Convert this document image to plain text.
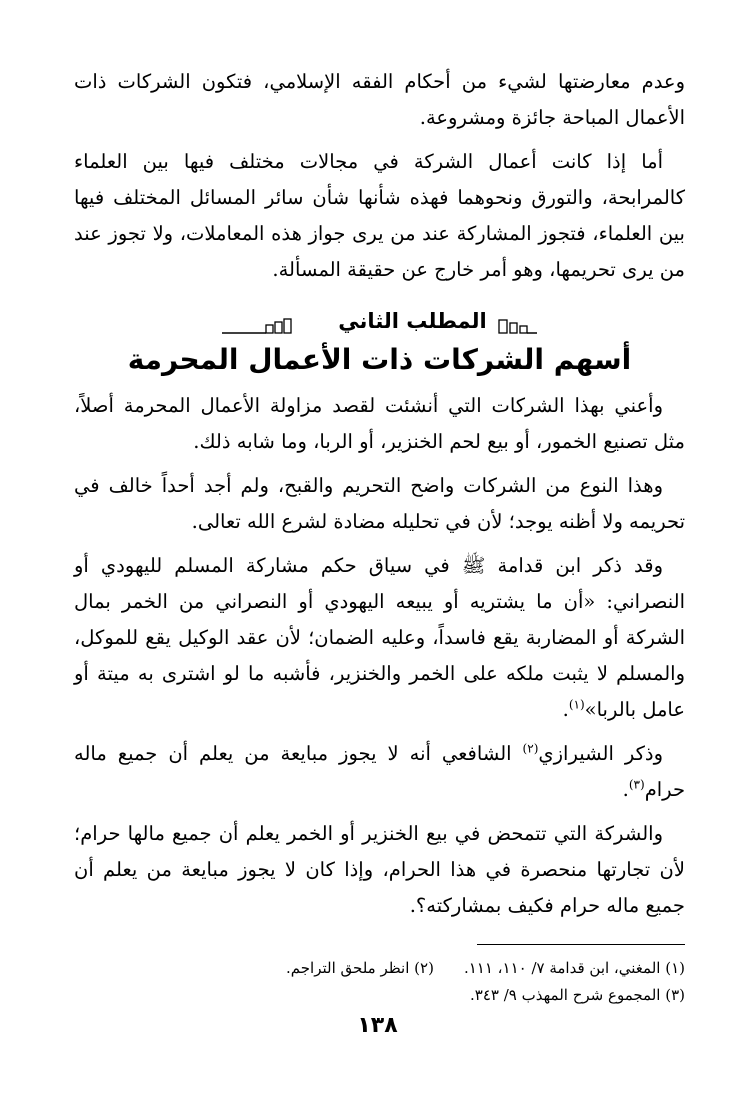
وعدم معارضتها لشيء من أحكام الفقه الإسلامي، فتكون الشركات ذات الأعمال المباحة جائزة ومشروعة.

أما إذا كانت أعمال الشركة في مجالات مختلف فيها بين العلماء كالمرابحة، والتورق ونحوهما فهذه شأنها شأن سائر المسائل المختلف فيها بين العلماء، فتجوز المشاركة عند من يرى جواز هذه المعاملات، ولا تجوز عند من يرى تحريمها، وهو أمر خارج عن حقيقة المسألة.

المطلب الثاني
أسهم الشركات ذات الأعمال المحرمة

وأعني بهذا الشركات التي أنشئت لقصد مزاولة الأعمال المحرمة أصلاً، مثل تصنيع الخمور، أو بيع لحم الخنزير، أو الربا، وما شابه ذلك.

وهذا النوع من الشركات واضح التحريم والقبح، ولم أجد أحداً خالف في تحريمه ولا أظنه يوجد؛ لأن في تحليله مضادة لشرع الله تعالى.

وقد ذكر ابن قدامة ﷺ في سياق حكم مشاركة المسلم لليهودي أو النصراني: «أن ما يشتريه أو يبيعه اليهودي أو النصراني من الخمر بمال الشركة أو المضاربة يقع فاسداً، وعليه الضمان؛ لأن عقد الوكيل يقع للموكل، والمسلم لا يثبت ملكه على الخمر والخنزير، فأشبه ما لو اشترى به ميتة أو عامل بالربا»$^{(١)}$.

وذكر الشيرازي$^{(٢)}$ الشافعي أنه لا يجوز مبايعة من يعلم أن جميع ماله حرام$^{(٣)}$.

والشركة التي تتمحض في بيع الخنزير أو الخمر يعلم أن جميع مالها حرام؛ لأن تجارتها منحصرة في هذا الحرام، وإذا كان لا يجوز مبايعة من يعلم أن جميع ماله حرام فكيف بمشاركته؟.

(١) المغني، ابن قدامة ٧/ ١١٠، ١١١.
(٢) انظر ملحق التراجم.
(٣) المجموع شرح المهذب ٩/ ٣٤٣.
١٣٨
